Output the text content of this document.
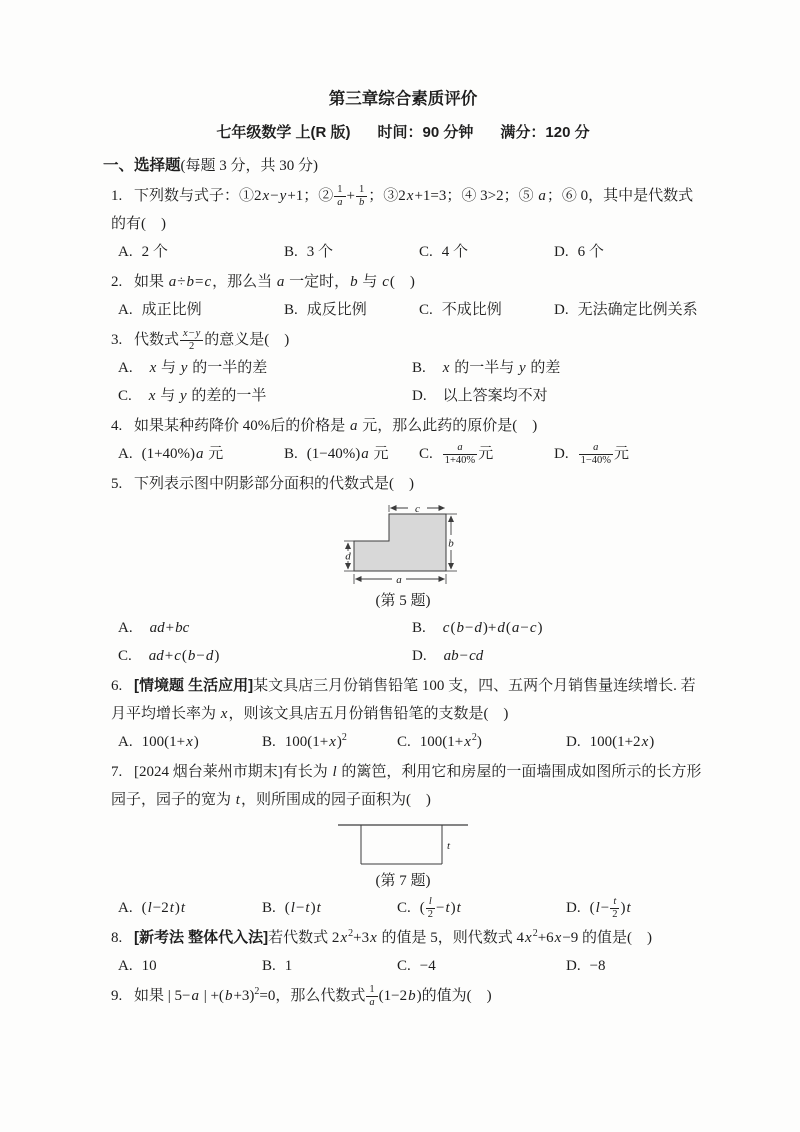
第三章综合素质评价
七年级数学 上(R 版) 时间：90 分钟 满分：120 分
一、选择题(每题 3 分，共 30 分)
1. 下列数与式子：①2x−y+1；② $\frac{1}{a} + \frac{1}{b}$ ；③2x+1=3；④ 3>2；⑤ a；⑥ 0，其中是代数式的有(    )
A. 2 个	B. 3 个	C. 4 个	D. 6 个
2. 如果 a÷b=c，那么当 a 一定时，b 与 c(    )
A. 成正比例	B. 成反比例	C. 不成比例	D. 无法确定比例关系
3. 代数式 $\frac{x-y}{2}$ 的意义是(    )
A. x 与 y 的一半的差	B. x 的一半与 y 的差
C. x 与 y 的差的一半	D. 以上答案均不对
4. 如果某种药降价 40%后的价格是 a 元，那么此药的原价是(    )
A. (1+40%)a 元	B. (1−40%)a 元	C. $\frac{a}{1+40\%}$ 元	D. $\frac{a}{1-40\%}$ 元
5. 下列表示图中阴影部分面积的代数式是(    )
c
b
d
a
(第 5 题)
A. ad+bc	B. c(b−d)+d(a−c)
C. ad+c(b−d)	D. ab−cd
6. [情境题 生活应用]某文具店三月份销售铅笔 100 支，四、五两个月销售量连续增长. 若月平均增长率为 x，则该文具店五月份销售铅笔的支数是(    )
A. 100(1+x)	B. $100(1+x)^2$	C. $100(1+x^2)$	D. 100(1+2x)
7. [2024 烟台莱州市期末]有长为 l 的篱笆，利用它和房屋的一面墙围成如图所示的长方形园子，园子的宽为 t，则所围成的园子面积为(    )
t
(第 7 题)
A. (l−2t)t	B. (l−t)t	C. ( $\frac{l}{2} -t)t$	D. $(l- \frac{t}{2} )t$
8. [新考法 整体代入法]若代数式 $2x^2+3x$ 的值是 5，则代数式 $4x^2+6x-9$ 的值是(    )
A. 10	B. 1	C. −4	D. −8
9. 如果 | 5−a | $+(b+3)^2=0$，那么代数式 $\frac{1}{a} (1-2b)$的值为(    )
